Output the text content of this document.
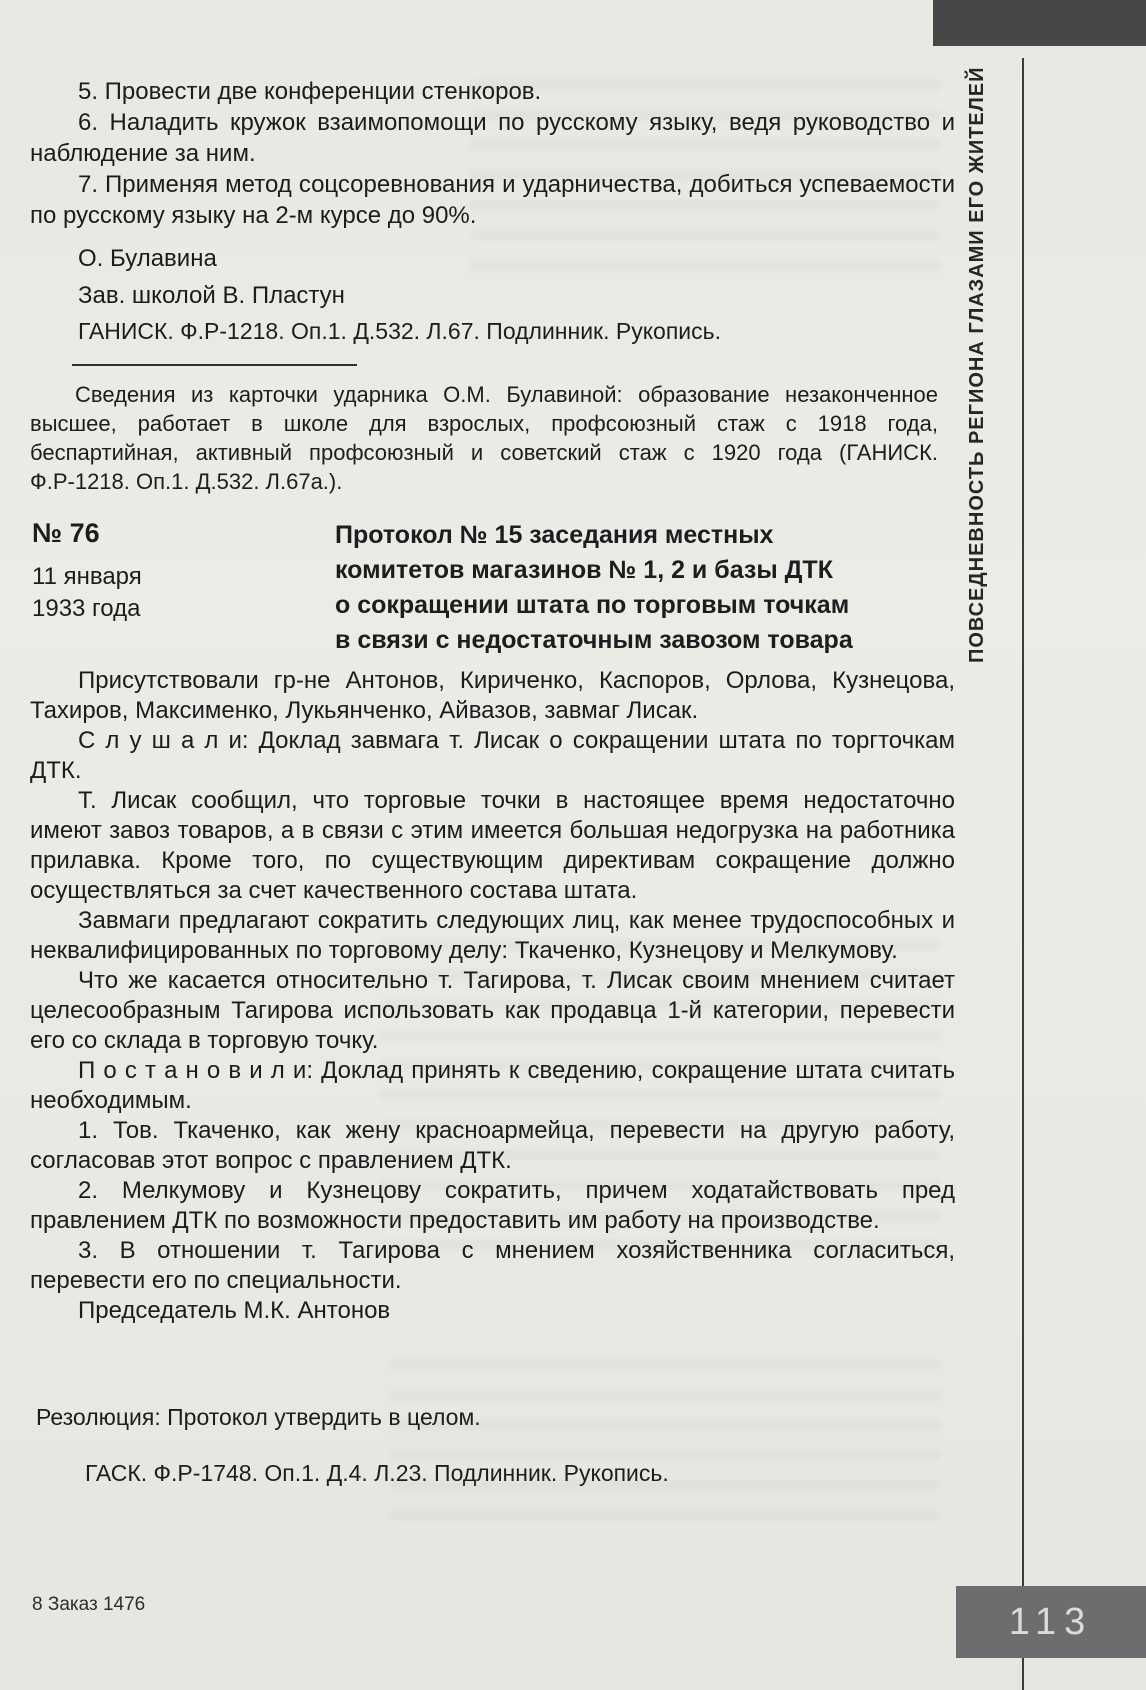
ПОВСЕДНЕВНОСТЬ РЕГИОНА ГЛАЗАМИ ЕГО ЖИТЕЛЕЙ

5. Провести две конференции стенкоров.

6. Наладить кружок взаимопомощи по русскому языку, ведя руководство и наблюдение за ним.

7. Применяя метод соцсоревнования и ударничества, добиться успеваемости по русскому языку на 2-м курсе до 90%.

О. Булавина

Зав. школой В. Пластун

ГАНИСК. Ф.Р-1218. Оп.1. Д.532. Л.67. Подлинник. Рукопись.

Сведения из карточки ударника О.М. Булавиной: образование незаконченное высшее, работает в школе для взрослых, профсоюзный стаж с 1918 года, беспартийная, активный профсоюзный и советский стаж с 1920 года (ГАНИСК. Ф.Р-1218. Оп.1. Д.532. Л.67а.).

№ 76
11 января
1933 года
Протокол № 15 заседания местных
комитетов магазинов № 1, 2 и базы ДТК
о сокращении штата по торговым точкам
в связи с недостаточным завозом товара

Присутствовали гр-не Антонов, Кириченко, Каспоров, Орлова, Кузнецова, Тахиров, Максименко, Лукьянченко, Айвазов, завмаг Лисак.

С л у ш а л и: Доклад завмага т. Лисак о сокращении штата по торгточкам ДТК.

Т. Лисак сообщил, что торговые точки в настоящее время недостаточно имеют завоз товаров, а в связи с этим имеется большая недогрузка на работника прилавка. Кроме того, по существующим директивам сокращение должно осуществляться за счет качественного состава штата.

Завмаги предлагают сократить следующих лиц, как менее трудоспособных и неквалифицированных по торговому делу: Ткаченко, Кузнецову и Мелкумову.

Что же касается относительно т. Тагирова, т. Лисак своим мнением считает целесообразным Тагирова использовать как продавца 1-й категории, перевести его со склада в торговую точку.

П о с т а н о в и л и: Доклад принять к сведению, сокращение штата считать необходимым.

1. Тов. Ткаченко, как жену красноармейца, перевести на другую работу, согласовав этот вопрос с правлением ДТК.

2. Мелкумову и Кузнецову сократить, причем ходатайствовать пред правлением ДТК по возможности предоставить им работу на производстве.

3. В отношении т. Тагирова с мнением хозяйственника согласиться, перевести его по специальности.

Председатель М.К. Антонов

Резолюция: Протокол утвердить в целом.

ГАСК. Ф.Р-1748. Оп.1. Д.4. Л.23. Подлинник. Рукопись.

8 Заказ 1476	113
